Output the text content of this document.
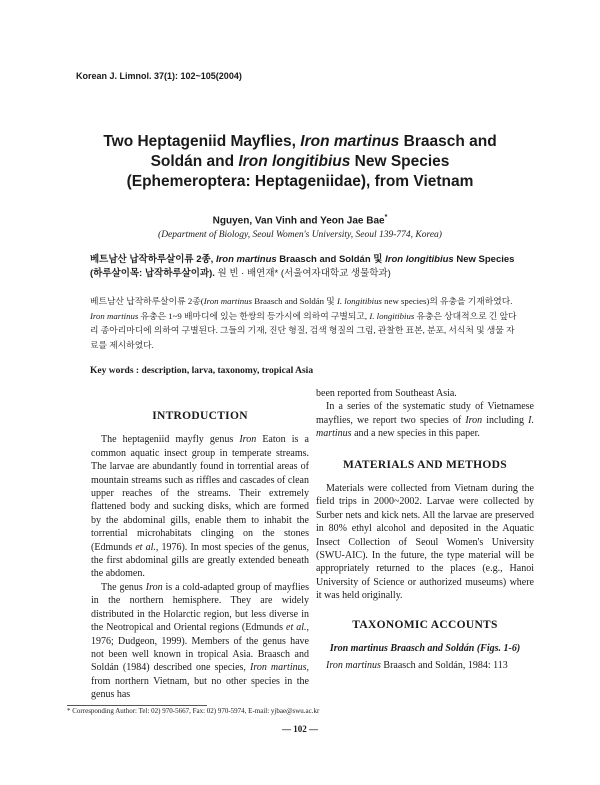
Korean J. Limnol. 37(1): 102~105(2004)
Two Heptageniid Mayflies, Iron martinus Braasch and
Soldán and Iron longitibius New Species
(Ephemeroptera: Heptageniidae), from Vietnam
Nguyen, Van Vinh and Yeon Jae Bae*
(Department of Biology, Seoul Women's University, Seoul 139-774, Korea)
베트남산 납작하루살이류 2종, Iron martinus Braasch and Soldán 및 Iron longitibius New Species (하루살이목: 납작하루살이과). 원 빈 · 배연재* (서울여자대학교 생물학과)
베트남산 납작하루살이류 2종(Iron martinus Braasch and Soldán 및 I. longitibius new species)의 유충을 기재하였다. Iron martinus 유충은 1~9 배마디에 있는 한쌍의 등가시에 의하여 구별되고, I. longitibius 유충은 상대적으로 긴 앞다리 종아리마디에 의하여 구별된다. 그들의 기재, 진단 형질, 검색 형질의 그림, 관찰한 표본, 분포, 서식처 및 생물 자료를 제시하였다.
Key words : description, larva, taxonomy, tropical Asia
INTRODUCTION

The heptageniid mayfly genus Iron Eaton is a common aquatic insect group in temperate streams. The larvae are abundantly found in torrential areas of mountain streams such as riffles and cascades of clean upper reaches of the streams. Their extremely flattened body and sucking disks, which are formed by the abdominal gills, enable them to inhabit the torrential microhabitats clinging on the stones (Edmunds et al., 1976). In most species of the genus, the first abdominal gills are greatly extended beneath the abdomen.

The genus Iron is a cold-adapted group of mayflies in the northern hemisphere. They are widely distributed in the Holarctic region, but less diverse in the Neotropical and Oriental regions (Edmunds et al., 1976; Dudgeon, 1999). Members of the genus have not been well known in tropical Asia. Braasch and Soldán (1984) described one species, Iron martinus, from northern Vietnam, but no other species in the genus has

been reported from Southeast Asia.

In a series of the systematic study of Vietnamese mayflies, we report two species of Iron including I. martinus and a new species in this paper.

MATERIALS AND METHODS

Materials were collected from Vietnam during the field trips in 2000~2002. Larvae were collected by Surber nets and kick nets. All the larvae are preserved in 80% ethyl alcohol and deposited in the Aquatic Insect Collection of Seoul Women's University (SWU-AIC). In the future, the type material will be appropriately returned to the places (e.g., Hanoi University of Science or authorized museums) where it was held originally.

TAXONOMIC ACCOUNTS
Iron martinus Braasch and Soldán (Figs. 1-6)

Iron martinus Braasch and Soldán, 1984: 113

* Corresponding Author: Tel: 02) 970-5667, Fax: 02) 970-5974, E-mail: yjbae@swu.ac.kr
— 102 —
